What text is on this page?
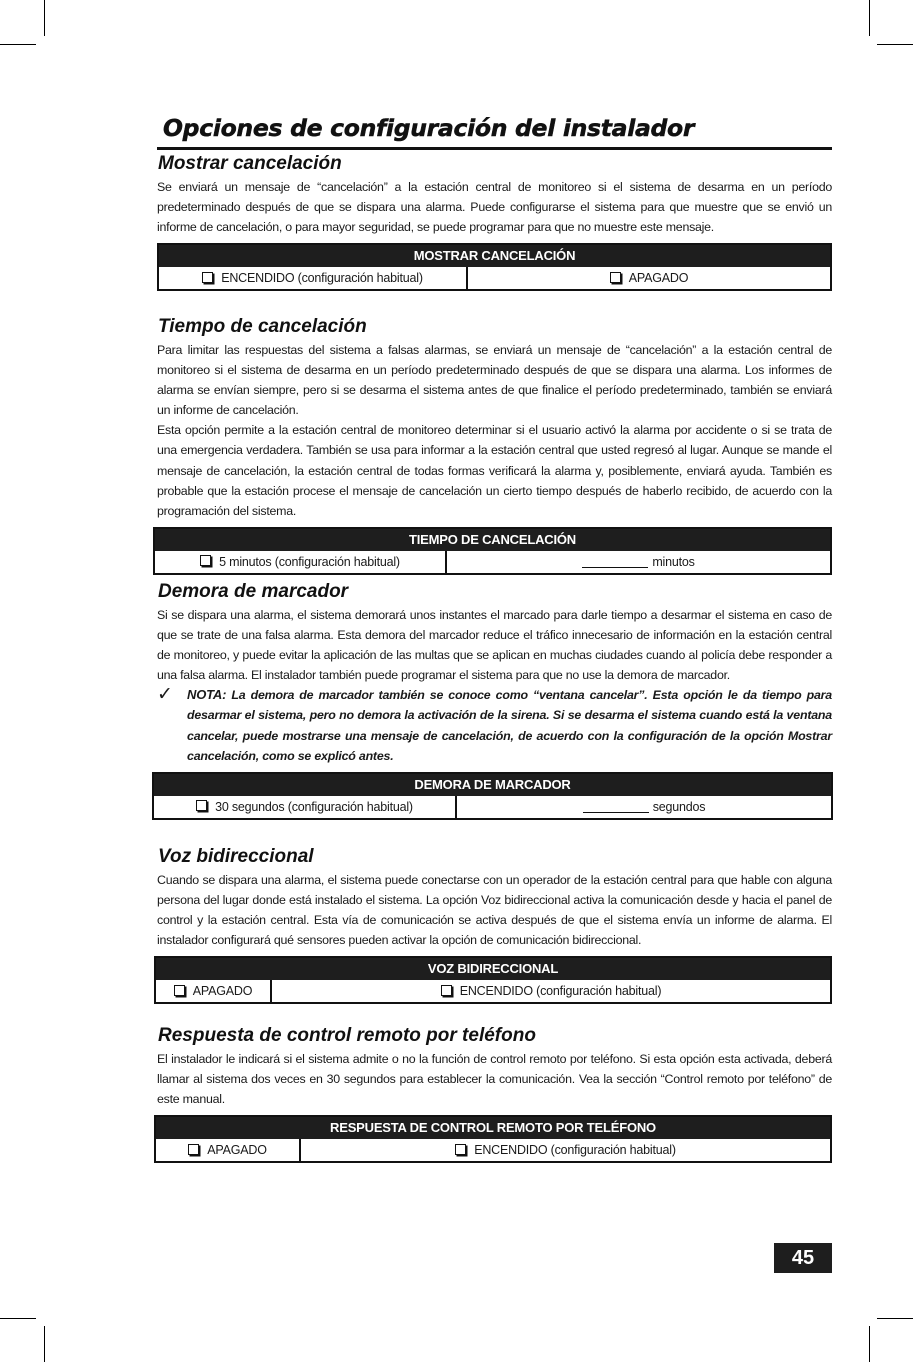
Opciones de configuración del instalador
Mostrar cancelación

Se enviará un mensaje de “cancelación” a la estación central de monitoreo si el sistema de desarma en un período predeterminado después de que se dispara una alarma. Puede configurarse el sistema para que muestre que se envió un informe de cancelación, o para mayor seguridad, se puede programar para que no muestre este mensaje.

MOSTRAR CANCELACIÓN
ENCENDIDO (configuración habitual)	APAGADO
Tiempo de cancelación

Para limitar las respuestas del sistema a falsas alarmas, se enviará un mensaje de “cancelación” a la estación central de monitoreo si el sistema de desarma en un período predeterminado después de que se dispara una alarma. Los informes de alarma se envían siempre, pero si se desarma el sistema antes de que finalice el período predeterminado, también se enviará un informe de cancelación.

Esta opción permite a la estación central de monitoreo determinar si el usuario activó la alarma por accidente o si se trata de una emergencia verdadera. También se usa para informar a la estación central que usted regresó al lugar. Aunque se mande el mensaje de cancelación, la estación central de todas formas verificará la alarma y, posiblemente, enviará ayuda. También es probable que la estación procese el mensaje de cancelación un cierto tiempo después de haberlo recibido, de acuerdo con la programación del sistema.

TIEMPO DE CANCELACIÓN
5 minutos (configuración habitual)	minutos
Demora de marcador

Si se dispara una alarma, el sistema demorará unos instantes el marcado para darle tiempo a desarmar el sistema en caso de que se trate de una falsa alarma. Esta demora del marcador reduce el tráfico innecesario de información en la estación central de monitoreo, y puede evitar la aplicación de las multas que se aplican en muchas ciudades cuando al policía debe responder a una falsa alarma. El instalador también puede programar el sistema para que no use la demora de marcador.

✓	NOTA: La demora de marcador también se conoce como “ventana cancelar”. Esta opción le da tiempo para desarmar el sistema, pero no demora la activación de la sirena. Si se desarma el sistema cuando está la ventana cancelar, puede mostrarse una mensaje de cancelación, de acuerdo con la configuración de la opción Mostrar cancelación, como se explicó antes.
DEMORA DE MARCADOR
30 segundos (configuración habitual)	segundos
Voz bidireccional

Cuando se dispara una alarma, el sistema puede conectarse con un operador de la estación central para que hable con alguna persona del lugar donde está instalado el sistema. La opción Voz bidireccional activa la comunicación desde y hacia el panel de control y la estación central. Esta vía de comunicación se activa después de que el sistema envía un informe de alarma. El instalador configurará qué sensores pueden activar la opción de comunicación bidireccional.

VOZ BIDIRECCIONAL
APAGADO	ENCENDIDO (configuración habitual)
Respuesta de control remoto por teléfono

El instalador le indicará si el sistema admite o no la función de control remoto por teléfono. Si esta opción esta activada, deberá llamar al sistema dos veces en 30 segundos para establecer la comunicación. Vea la sección “Control remoto por teléfono” de este manual.

RESPUESTA DE CONTROL REMOTO POR TELÉFONO
APAGADO	ENCENDIDO (configuración habitual)
45
